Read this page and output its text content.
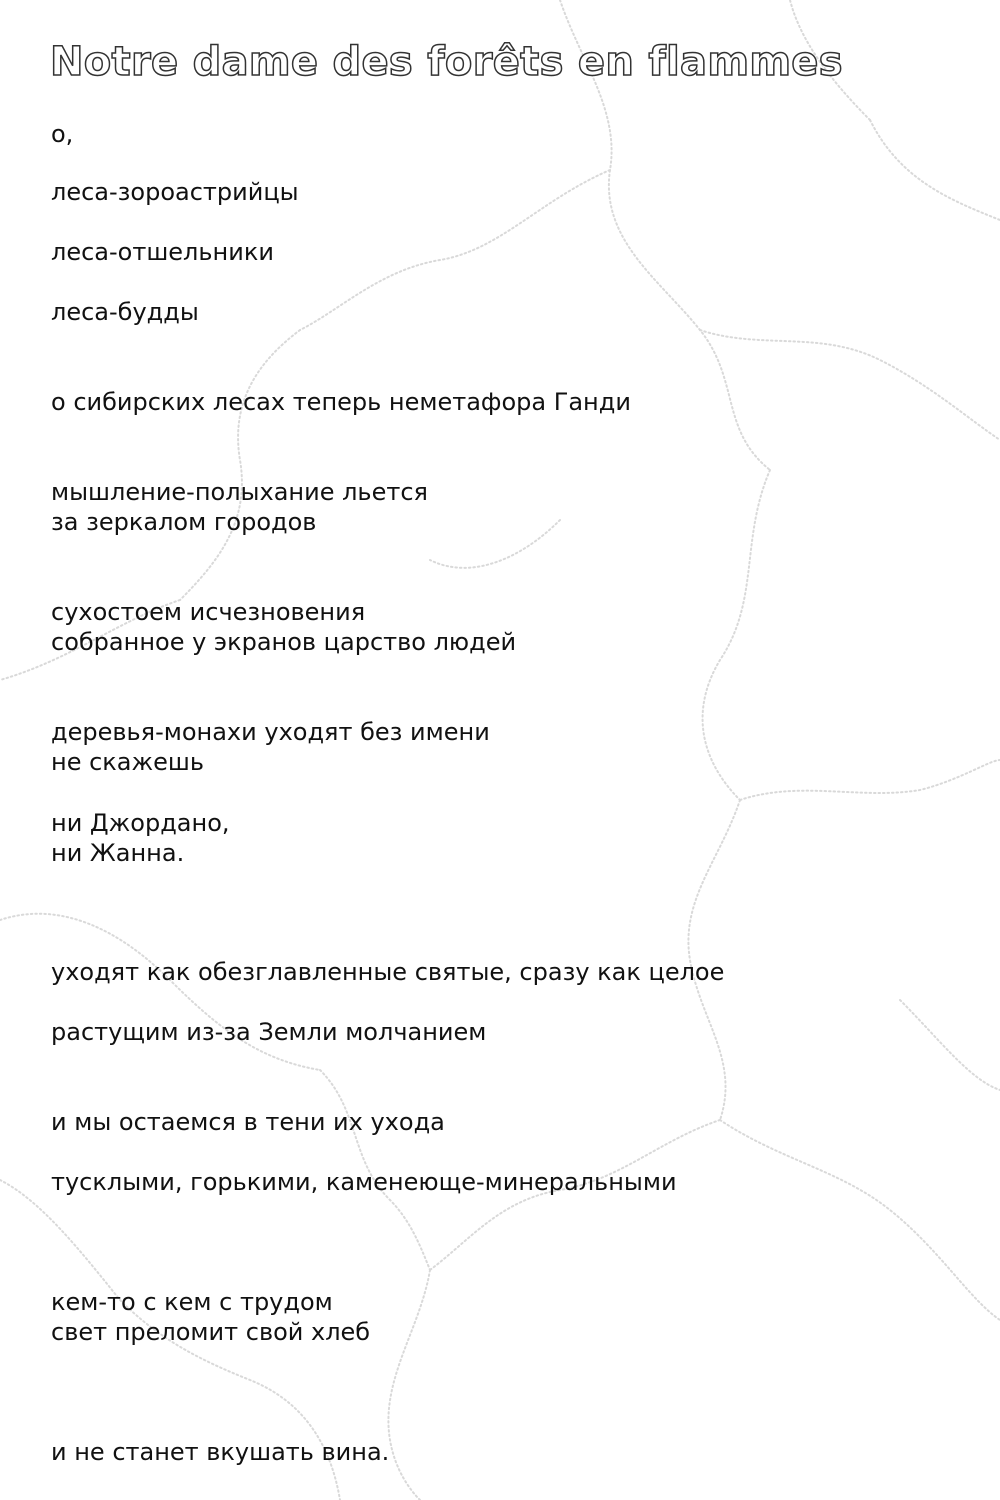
Notre dame des forêts en flammes

о,

леса-зороастрийцы

леса-отшельники

леса-будды

о сибирских лесах теперь неметафора Ганди

мышление-полыхание льется

за зеркалом городов

сухостоем исчезновения

собранное у экранов царство людей

деревья-монахи уходят без имени

не скажешь

ни Джордано,

ни Жанна.

уходят как обезглавленные святые, сразу как целое

растущим из-за Земли молчанием

и мы остаемся в тени их ухода

тусклыми, горькими, каменеюще-минеральными

кем-то с кем с трудом

свет преломит свой хлеб

и не станет вкушать вина.
